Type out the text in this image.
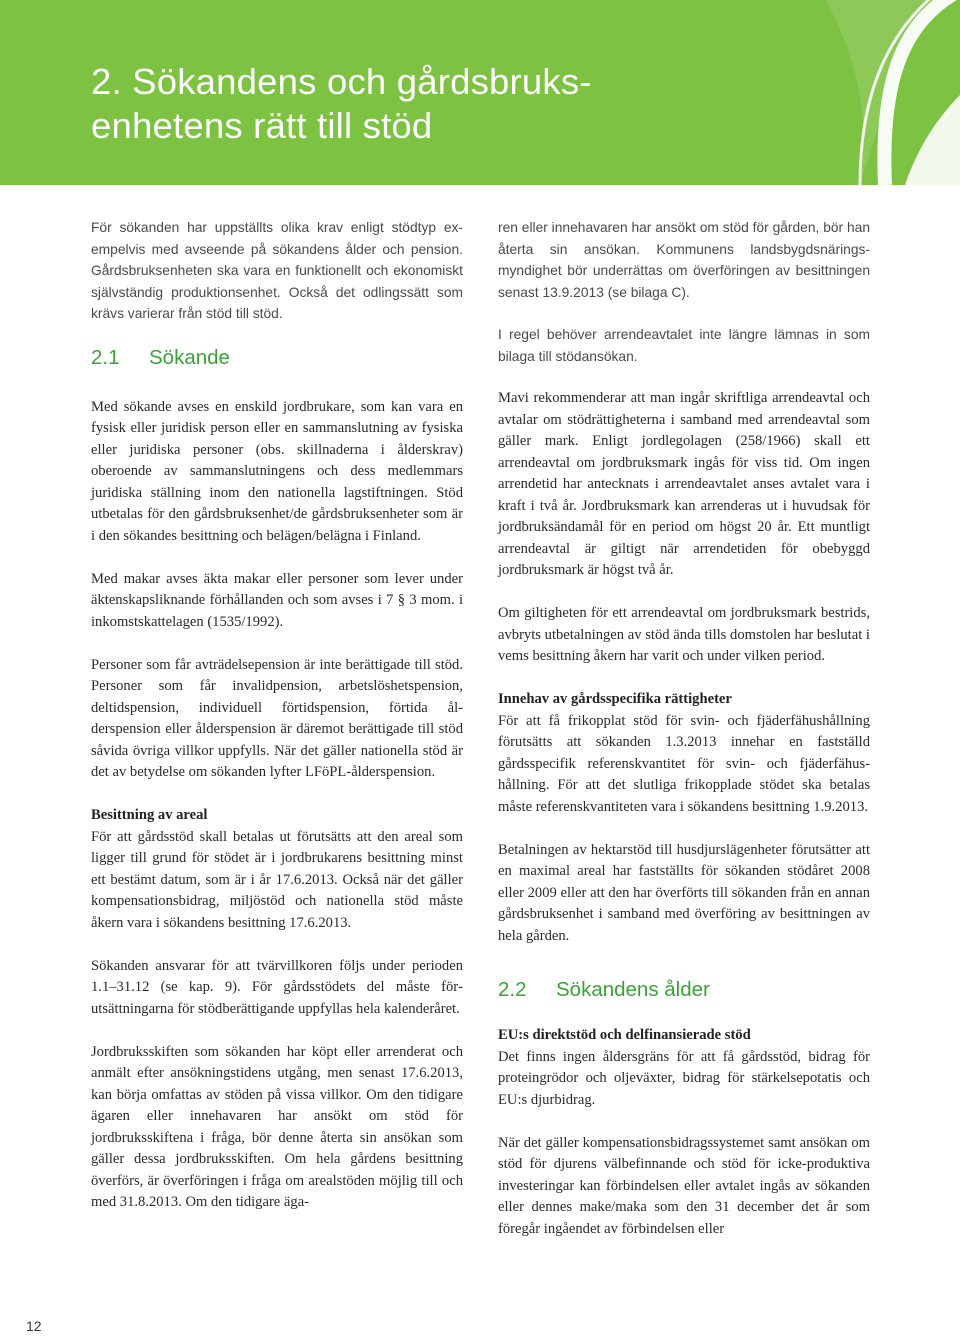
2. Sökandens och gårdsbruks-
enhetens rätt till stöd

För sökanden har uppställts olika krav enligt stödtyp exempelvis med avseende på sökandens ålder och pension. Gårdsbruksenheten ska vara en funktionellt och ekonomiskt självständig produktionsenhet. Också det odlingssätt som krävs varierar från stöd till stöd.

2.1 Sökande

Med sökande avses en enskild jordbrukare, som kan vara en fysisk eller juridisk person eller en sammanslutning av fysiska eller juridiska personer (obs. skillnaderna i ålderskrav) oberoende av sammanslutningens och dess medlemmars juridiska ställning inom den nationella lagstiftningen. Stöd utbetalas för den gårdsbruksenhet/de gårdsbruksenheter som är i den sökandes besittning och belägen/belägna i Finland.

Med makar avses äkta makar eller personer som lever under äktenskapsliknande förhållanden och som avses i 7 § 3 mom. i inkomstskattelagen (1535/1992).

Personer som får avträdelsepension är inte berättigade till stöd. Personer som får invalidpension, arbetslöshetspension, deltidspension, individuell förtidspension, förtida ålderspension eller ålderspension är däremot berättigade till stöd såvida övriga villkor uppfylls. När det gäller nationella stöd är det av betydelse om sökanden lyfter LFöPL-ålderspension.

Besittning av areal

För att gårdsstöd skall betalas ut förutsätts att den areal som ligger till grund för stödet är i jordbrukarens besittning minst ett bestämt datum, som är i år 17.6.2013. Också när det gäller kompensationsbidrag, miljöstöd och nationella stöd måste åkern vara i sökandens besittning 17.6.2013.

Sökanden ansvarar för att tvärvillkoren följs under perioden 1.1–31.12 (se kap. 9). För gårdsstödets del måste förutsättningarna för stödberättigande uppfyllas hela kalenderåret.

Jordbruksskiften som sökanden har köpt eller arrenderat och anmält efter ansökningstidens utgång, men senast 17.6.2013, kan börja omfattas av stöden på vissa villkor. Om den tidigare ägaren eller innehavaren har ansökt om stöd för jordbruksskiftena i fråga, bör denne återta sin ansökan som gäller dessa jordbruksskiften. Om hela gårdens besittning överförs, är överföringen i fråga om arealstöden möjlig till och med 31.8.2013. Om den tidigare äga-

ren eller innehavaren har ansökt om stöd för gården, bör han återta sin ansökan. Kommunens landsbygdsnäringsmyndighet bör underrättas om överföringen av besittningen senast 13.9.2013 (se bilaga C).

I regel behöver arrendeavtalet inte längre lämnas in som bilaga till stödansökan.

Mavi rekommenderar att man ingår skriftliga arrendeavtal och avtalar om stödrättigheterna i samband med arrendeavtal som gäller mark. Enligt jordlegolagen (258/1966) skall ett arrendeavtal om jordbruksmark ingås för viss tid. Om ingen arrendetid har antecknats i arrendeavtalet anses avtalet vara i kraft i två år. Jordbruksmark kan arrenderas ut i huvudsak för jordbruksändamål för en period om högst 20 år. Ett muntligt arrendeavtal är giltigt när arrendetiden för obebyggd jordbruksmark är högst två år.

Om giltigheten för ett arrendeavtal om jordbruksmark bestrids, avbryts utbetalningen av stöd ända tills domstolen har beslutat i vems besittning åkern har varit och under vilken period.

Innehav av gårdsspecifika rättigheter

För att få frikopplat stöd för svin- och fjäderfähushållning förutsätts att sökanden 1.3.2013 innehar en fastställd gårdsspecifik referenskvantitet för svin- och fjäderfähushållning. För att det slutliga frikopplade stödet ska betalas måste referenskvantiteten vara i sökandens besittning 1.9.2013.

Betalningen av hektarstöd till husdjurslägenheter förutsätter att en maximal areal har fastställts för sökanden stödåret 2008 eller 2009 eller att den har överförts till sökanden från en annan gårdsbruksenhet i samband med överföring av besittningen av hela gården.

2.2 Sökandens ålder
EU:s direktstöd och delfinansierade stöd

Det finns ingen åldersgräns för att få gårdsstöd, bidrag för proteingrödor och oljeväxter, bidrag för stärkelsepotatis och EU:s djurbidrag.

När det gäller kompensationsbidragssystemet samt ansökan om stöd för djurens välbefinnande och stöd för icke-produktiva investeringar kan förbindelsen eller avtalet ingås av sökanden eller dennes make/maka som den 31 december det år som föregår ingåendet av förbindelsen eller

12
